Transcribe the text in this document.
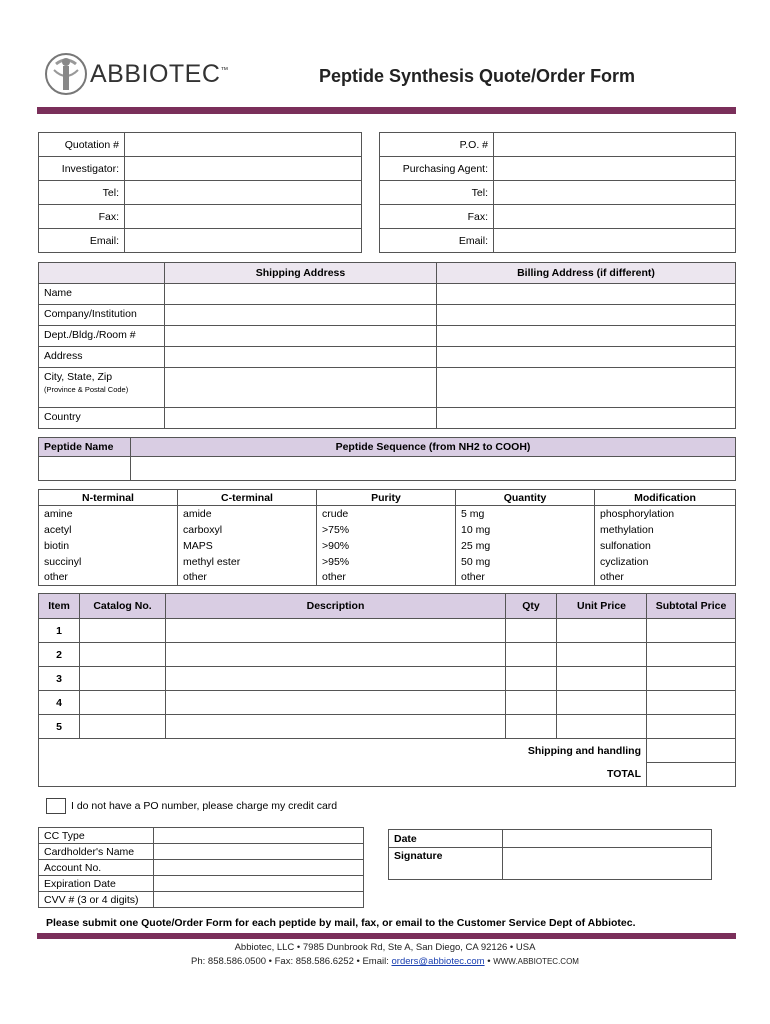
ABBIOTEC™	Peptide Synthesis Quote/Order Form
Quotation #	
Investigator:	
Tel:	
Fax:	
Email:	
P.O. #	
Purchasing Agent:	
Tel:	
Fax:	
Email:	
	Shipping Address	Billing Address (if different)
Name		
Company/Institution		
Dept./Bldg./Room #		
Address		
City, State, Zip
(Province & Postal Code)		
Country		
Peptide Name	Peptide Sequence (from NH2 to COOH)

N-terminal	C-terminal	Purity	Quantity	Modification
amine	amide	crude	5 mg	phosphorylation
acetyl	carboxyl	>75%	10 mg	methylation
biotin	MAPS	>90%	25 mg	sulfonation
succinyl	methyl ester	>95%	50 mg	cyclization
other	other	other	other	other
Item	Catalog No.	Description	Qty	Unit Price	Subtotal Price
1					
2					
3					
4					
5					
Shipping and handling					
TOTAL					
I do not have a PO number, please charge my credit card
CC Type	
Cardholder's Name	
Account No.	
Expiration Date	
CVV # (3 or 4 digits)	
Date	
Signature	
Please submit one Quote/Order Form for each peptide by mail, fax, or email to the Customer Service Dept of Abbiotec.
Abbiotec, LLC • 7985 Dunbrook Rd, Ste A, San Diego, CA 92126 • USA
Ph: 858.586.0500 • Fax: 858.586.6252 • Email: orders@abbiotec.com • WWW.ABBIOTEC.COM
